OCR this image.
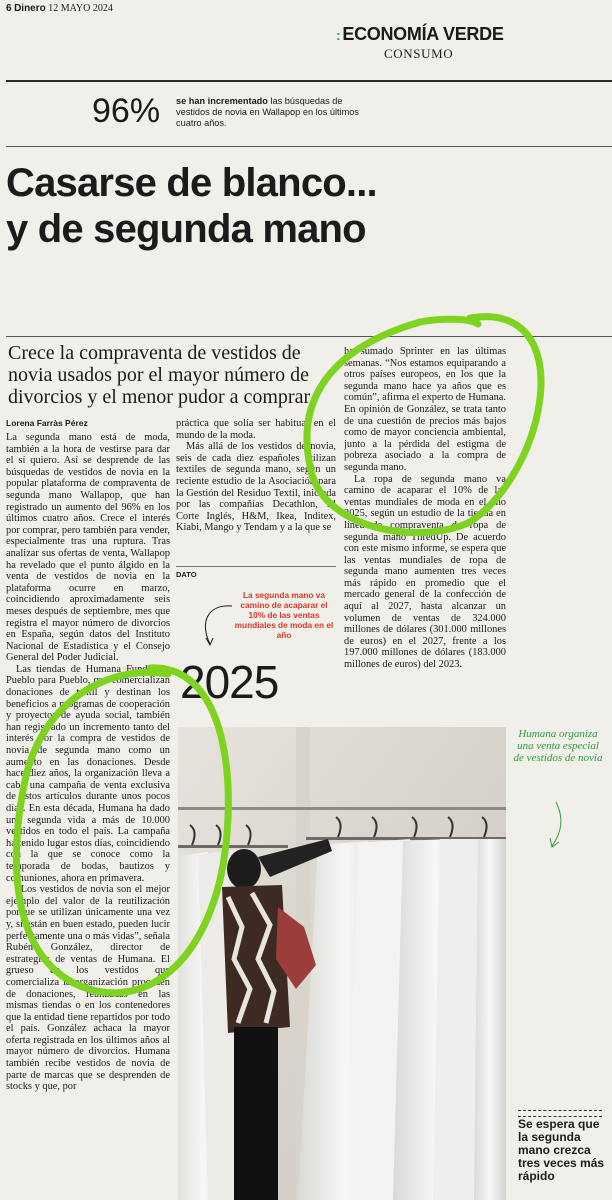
6 Dinero 12 MAYO 2024
: ECONOMÍA VERDE
CONSUMO
96% se han incrementado las búsquedas de vestidos de novia en Wallapop en los últimos cuatro años.
Casarse de blanco...
y de segunda mano
Crece la compraventa de vestidos de novia usados por el mayor número de divorcios y el menor pudor a comprar
Lorena Farràs Pérez

La segunda mano está de moda, también a la hora de vestirse para dar el sí quiero. Así se desprende de las búsquedas de vestidos de novia en la popular plataforma de compraventa de segunda mano Wallapop, que han registrado un aumento del 96% en los últimos cuatro años. Crece el interés por comprar, pero también para vender, especialmente tras una ruptura. Tras analizar sus ofertas de venta, Wallapop ha revelado que el punto álgido en la venta de vestidos de novia en la plataforma ocurre en marzo, coincidiendo aproximadamente seis meses después de septiembre, mes que registra el mayor número de divorcios en España, según datos del Instituto Nacional de Estadística y el Consejo General del Poder Judicial.

Las tiendas de Humana Fundación Pueblo para Pueblo, que comercializan donaciones de textil y destinan los beneficios a programas de cooperación y proyectos de ayuda social, también han registrado un incremento tanto del interés por la compra de vestidos de novia de segunda mano como un aumento en las donaciones. Desde hace diez años, la organización lleva a cabo una campaña de venta exclusiva de estos artículos durante unos pocos días. En esta década, Humana ha dado una segunda vida a más de 10.000 vestidos en todo el país. La campaña ha tenido lugar estos días, coincidiendo con la que se conoce como la temporada de bodas, bautizos y comuniones, ahora en primavera.

“Los vestidos de novia son el mejor ejemplo del valor de la reutilización porque se utilizan únicamente una vez y, si están en buen estado, pueden lucir perfectamente una o más vidas”, señala Rubén González, director de estrategias de ventas de Humana. El grueso de los vestidos que comercializa la organización proceden de donaciones, realizadas en las mismas tiendas o en los contenedores que la entidad tiene repartidos por todo el país. González achaca la mayor oferta registrada en los últimos años al mayor número de divorcios. Humana también recibe vestidos de novia de parte de marcas que se desprenden de stocks y que, por

práctica que solía ser habitual en el mundo de la moda.

Más allá de los vestidos de novia, seis de cada diez españoles utilizan textiles de segunda mano, según un reciente estudio de la Asociación para la Gestión del Residuo Textil, iniciada por las compañías Decathlon, El Corte Inglés, H&M, Ikea, Inditex, Kiabi, Mango y Tendam y a la que se

ha sumado Sprinter en las últimas semanas. “Nos estamos equiparando a otros países europeos, en los que la segunda mano hace ya años que es común”, afirma el experto de Humana. En opinión de González, se trata tanto de una cuestión de precios más bajos como de mayor conciencia ambiental, junto a la pérdida del estigma de pobreza asociado a la compra de segunda mano.

La ropa de segunda mano va camino de acaparar el 10% de las ventas mundiales de moda en el año 2025, según un estudio de la tienda en línea de compraventa de ropa de segunda mano ThredUp. De acuerdo con este mismo informe, se espera que las ventas mundiales de ropa de segunda mano aumenten tres veces más rápido en promedio que el mercado general de la confección de aquí al 2027, hasta alcanzar un volumen de ventas de 324.000 millones de dólares (301.000 millones de euros) en el 2027, frente a los 197.000 millones de dólares (183.000 millones de euros) del 2023.

DATO
La segunda mano va camino de acaparar el 10% de las ventas mundiales de moda en el año
2025
Humana organiza una venta especial de vestidos de novia
Se espera que la segunda mano crezca tres veces más rápido
